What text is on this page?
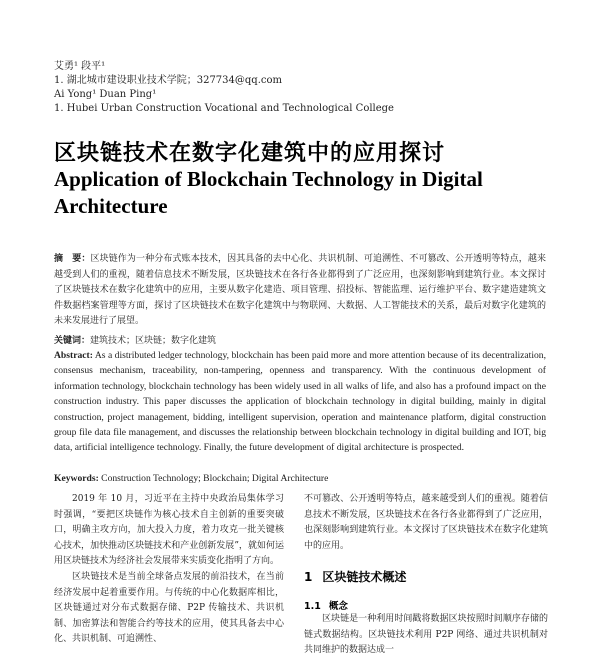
艾勇¹ 段平¹
1. 湖北城市建设职业技术学院；327734@qq.com
Ai Yong¹ Duan Ping¹
1. Hubei Urban Construction Vocational and Technological College
区块链技术在数字化建筑中的应用探讨
Application of Blockchain Technology in Digital Architecture
摘　要：区块链作为一种分布式账本技术，因其具备的去中心化、共识机制、可追溯性、不可篡改、公开透明等特点，越来越受到人们的重视，随着信息技术不断发展，区块链技术在各行各业都得到了广泛应用，也深刻影响到建筑行业。本文探讨了区块链技术在数字化建筑中的应用，主要从数字化建造、项目管理、招投标、智能监理、运行维护平台、数字建造建筑文件数据档案管理等方面，探讨了区块链技术在数字化建筑中与物联网、大数据、人工智能技术的关系，最后对数字化建筑的未来发展进行了展望。
关键词：建筑技术；区块链；数字化建筑
Abstract: As a distributed ledger technology, blockchain has been paid more and more attention because of its decentralization, consensus mechanism, traceability, non-tampering, openness and transparency. With the continuous development of information technology, blockchain technology has been widely used in all walks of life, and also has a profound impact on the construction industry. This paper discusses the application of blockchain technology in digital building, mainly in digital construction, project management, bidding, intelligent supervision, operation and maintenance platform, digital construction group file data file management, and discusses the relationship between blockchain technology in digital building and IOT, big data, artificial intelligence technology. Finally, the future development of digital architecture is prospected.
Keywords: Construction Technology; Blockchain; Digital Architecture

2019 年 10 月，习近平在主持中央政治局集体学习时强调，“要把区块链作为核心技术自主创新的重要突破口，明确主攻方向，加大投入力度，着力攻克一批关键核心技术，加快推动区块链技术和产业创新发展”，就如何运用区块链技术为经济社会发展带来实质变化指明了方向。

区块链技术是当前全球备点发展的前沿技术，在当前经济发展中起着重要作用。与传统的中心化数据库相比，区块链通过对分布式数据存储、P2P 传输技术、共识机制、加密算法和智能合约等技术的应用，使其具备去中心化、共识机制、可追溯性、

不可篡改、公开透明等特点，越来越受到人们的重视。随着信息技术不断发展，区块链技术在各行各业都得到了广泛应用，也深刻影响到建筑行业。本文探讨了区块链技术在数字化建筑中的应用。

1 区块链技术概述
1.1 概念

区块链是一种利用时间戳将数据区块按照时间顺序存储的链式数据结构。区块链技术利用 P2P 网络、通过共识机制对共同维护的数据达成一
